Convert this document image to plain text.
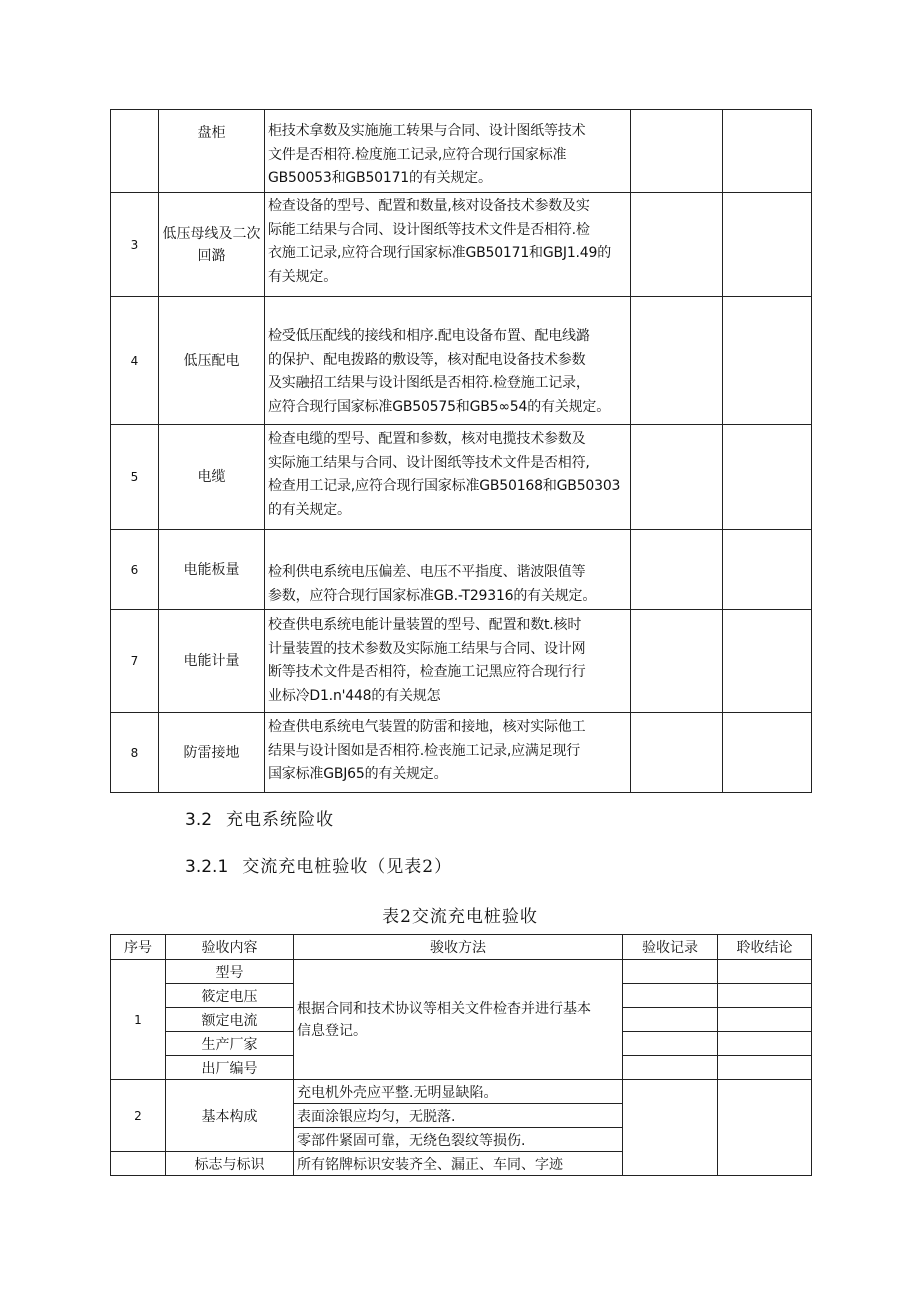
	盘柜	柜技术拿数及实施施工转果与合同、设计图纸等技术
文件是否相符.检度施工记录,应符合现行国家标准
GB50053和GB50171的有关规定。		

3	低压母线及二次回潞	检查设备的型号、配置和数量,核对设备技术参数及实
际能工结果与合同、设计图纸等技术文件是否相符.检
衣施工记录,应符合现行国家标准GB50171和GBJ1.49的
有关规定。		

4	低压配电	检受低压配线的接线和相序.配电设备布置、配电线潞
的保护、配电拨路的敷设等，核对配电设备技术参数
及实融招工结果与设计图纸是否相符.检登施工记录，
应符合现行国家标准GB50575和GB5∞54的有关规定。		

5	电缆	检查电缆的型号、配置和参数，核对电揽技术参数及
实际施工结果与合同、设计图纸等技术文件是否相符,
检查用工记录,应符合现行国家标准GB50168和GB50303
的有关规定。		

6	电能板量	检利供电系统电压偏差、电压不平指度、谐波限值等
参数，应符合现行国家标准GB.-T29316的有关规定。		

7	电能计量	校查供电系统电能计量装置的型号、配置和数t.核时
计量装置的技术参数及实际施工结果与合同、设计网
断等技术文件是否相符，检查施工记黑应符合现行行
业标冷D1.n'448的有关规怎		

8	防雷接地	检查供电系统电气装置的防雷和接地，核对实际他工
结果与设计图如是否相符.检丧施工记录,应满足现行
国家标准GBJ65的有关规定。		

3.2 充电系统险收
3.2.1 交流充电桩验收（见表2）
表2交流充电桩验收
序号	验收内容	骏收方法	验收记录	聆收结论
1	型号	根据合同和技术协议等相关文件检杳并进行基本
信息登记。		

	筱定电压			
	额定电流			
	生产厂家			
	出厂编号			
2	基本构成	充电机外壳应平整.无明显缺陷。		
		表面涂银应均匀，无脱落.		
		零部件紧固可靠，无绕色裂纹等损伤.		
	标志与标识	所有铭牌标识安装齐全、漏正、车同、字迹		
